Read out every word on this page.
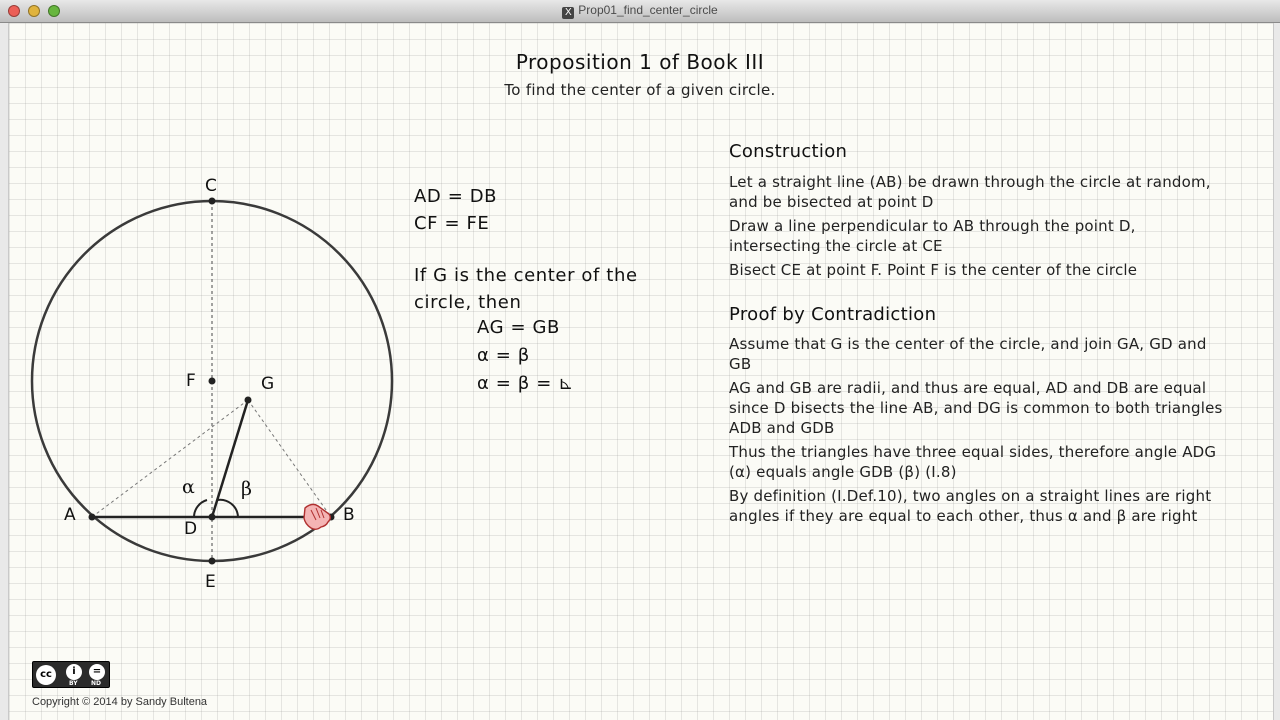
X Prop01_find_center_circle
Proposition 1 of Book III
To find the center of a given circle.
C
F	G
A	B
D
E
α β
AD = DB
CF = FE
If G is the center of the circle, then
AG = GB
α = β
α = β = ⊾
Construction
Let a straight line (AB) be drawn through the circle at random, and be bisected at point D
Draw a line perpendicular to AB through the point D, intersecting the circle at CE
Bisect CE at point F. Point F is the center of the circle
Proof by Contradiction
Assume that G is the center of the circle, and join GA, GD and GB
AG and GB are radii, and thus are equal, AD and DB are equal since D bisects the line AB, and DG is common to both triangles ADB and GDB
Thus the triangles have three equal sides, therefore angle ADG (α) equals angle GDB (β) (I.8)
By definition (I.Def.10), two angles on a straight lines are right angles if they are equal to each other, thus α and β are right
cc	i	=
BY ND
Copyright © 2014 by Sandy Bultena
